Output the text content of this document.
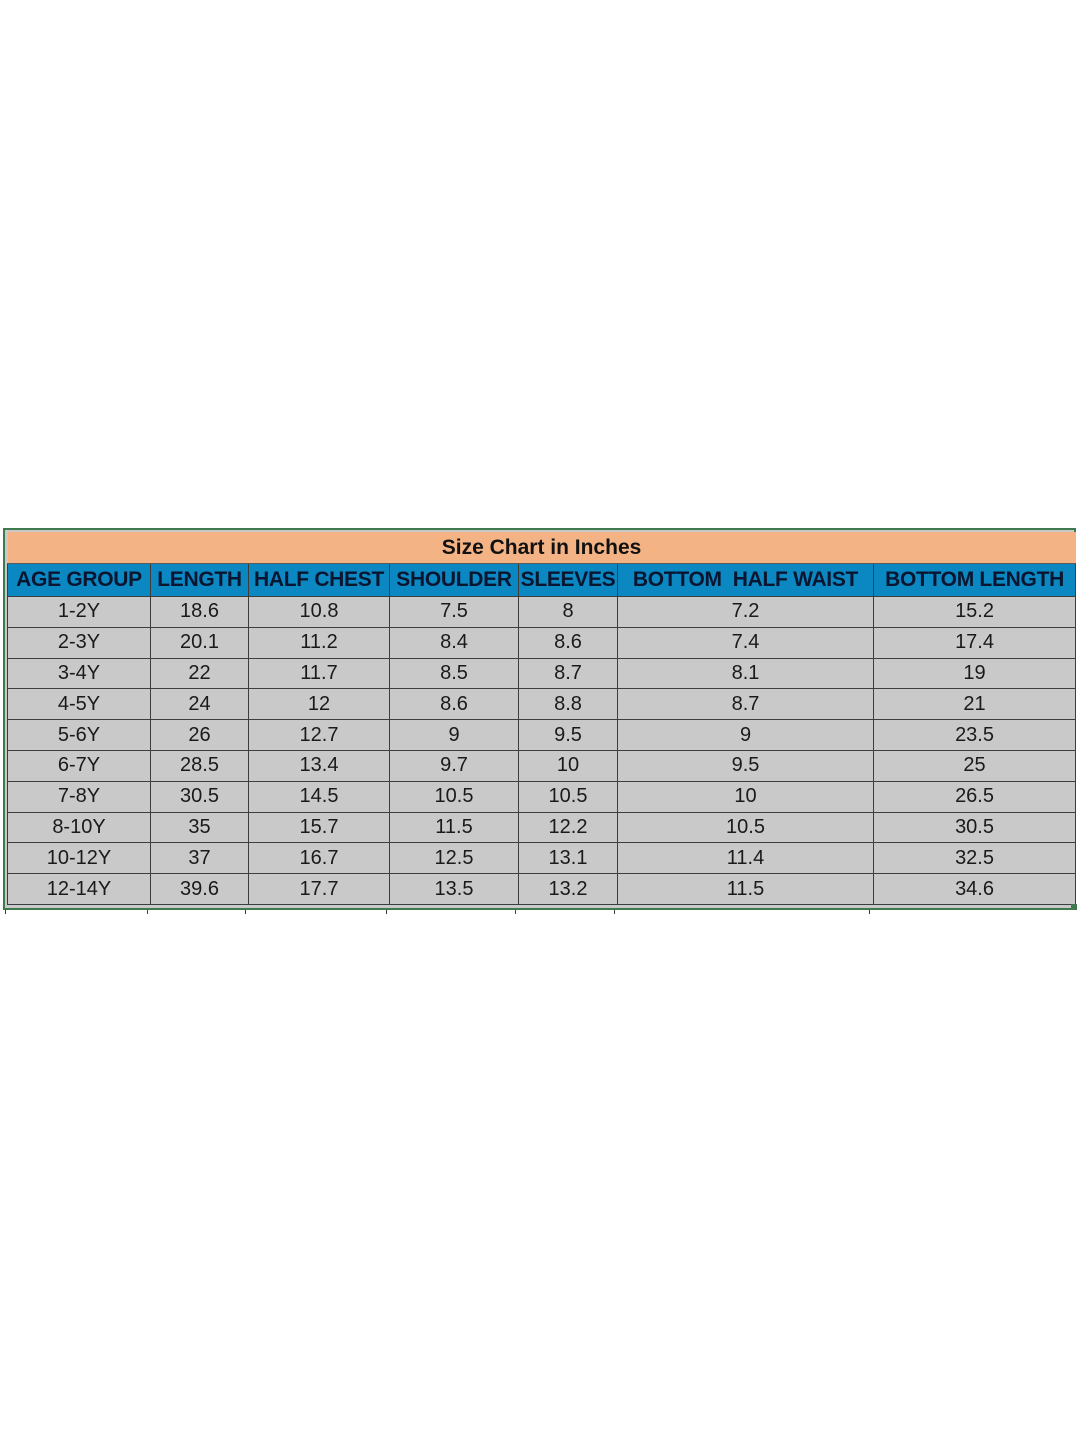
Size Chart in Inches						
AGE GROUP	LENGTH	HALF CHEST	SHOULDER	SLEEVES	BOTTOM  HALF WAIST	BOTTOM LENGTH
1-2Y	18.6	10.8	7.5	8	7.2	15.2
2-3Y	20.1	11.2	8.4	8.6	7.4	17.4
3-4Y	22	11.7	8.5	8.7	8.1	19
4-5Y	24	12	8.6	8.8	8.7	21
5-6Y	26	12.7	9	9.5	9	23.5
6-7Y	28.5	13.4	9.7	10	9.5	25
7-8Y	30.5	14.5	10.5	10.5	10	26.5
8-10Y	35	15.7	11.5	12.2	10.5	30.5
10-12Y	37	16.7	12.5	13.1	11.4	32.5
12-14Y	39.6	17.7	13.5	13.2	11.5	34.6
